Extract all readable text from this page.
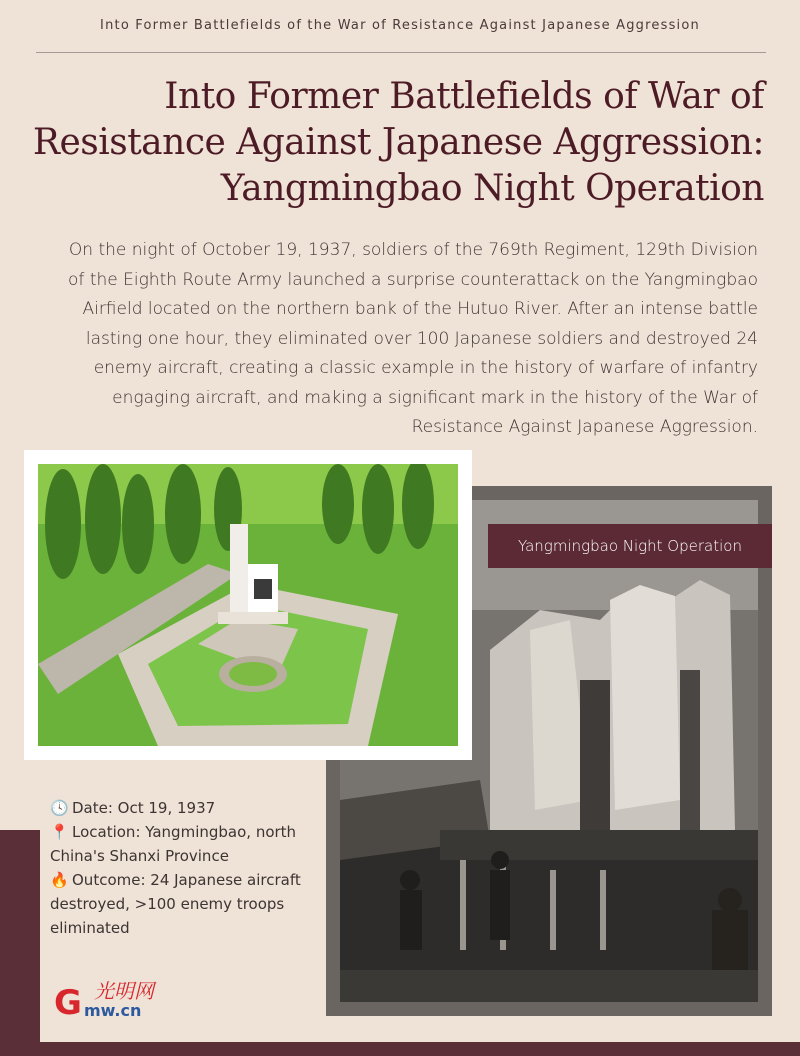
Into Former Battlefields of the War of Resistance Against Japanese Aggression
Into Former Battlefields of War of
Resistance Against Japanese Aggression:
Yangmingbao Night Operation
On the night of October 19, 1937, soldiers of the 769th Regiment, 129th Division of the Eighth Route Army launched a surprise counterattack on the Yangmingbao Airfield located on the northern bank of the Hutuo River. After an intense battle lasting one hour, they eliminated over 100 Japanese soldiers and destroyed 24 enemy aircraft, creating a classic example in the history of warfare of infantry engaging aircraft, and making a significant mark in the history of the War of Resistance Against Japanese Aggression.
Yangmingbao Night Operation
🕓 Date: Oct 19, 1937
📍 Location: Yangmingbao, north China's Shanxi Province
🔥 Outcome: 24 Japanese aircraft destroyed, >100 enemy troops eliminated
G 光明网
mw.cn
